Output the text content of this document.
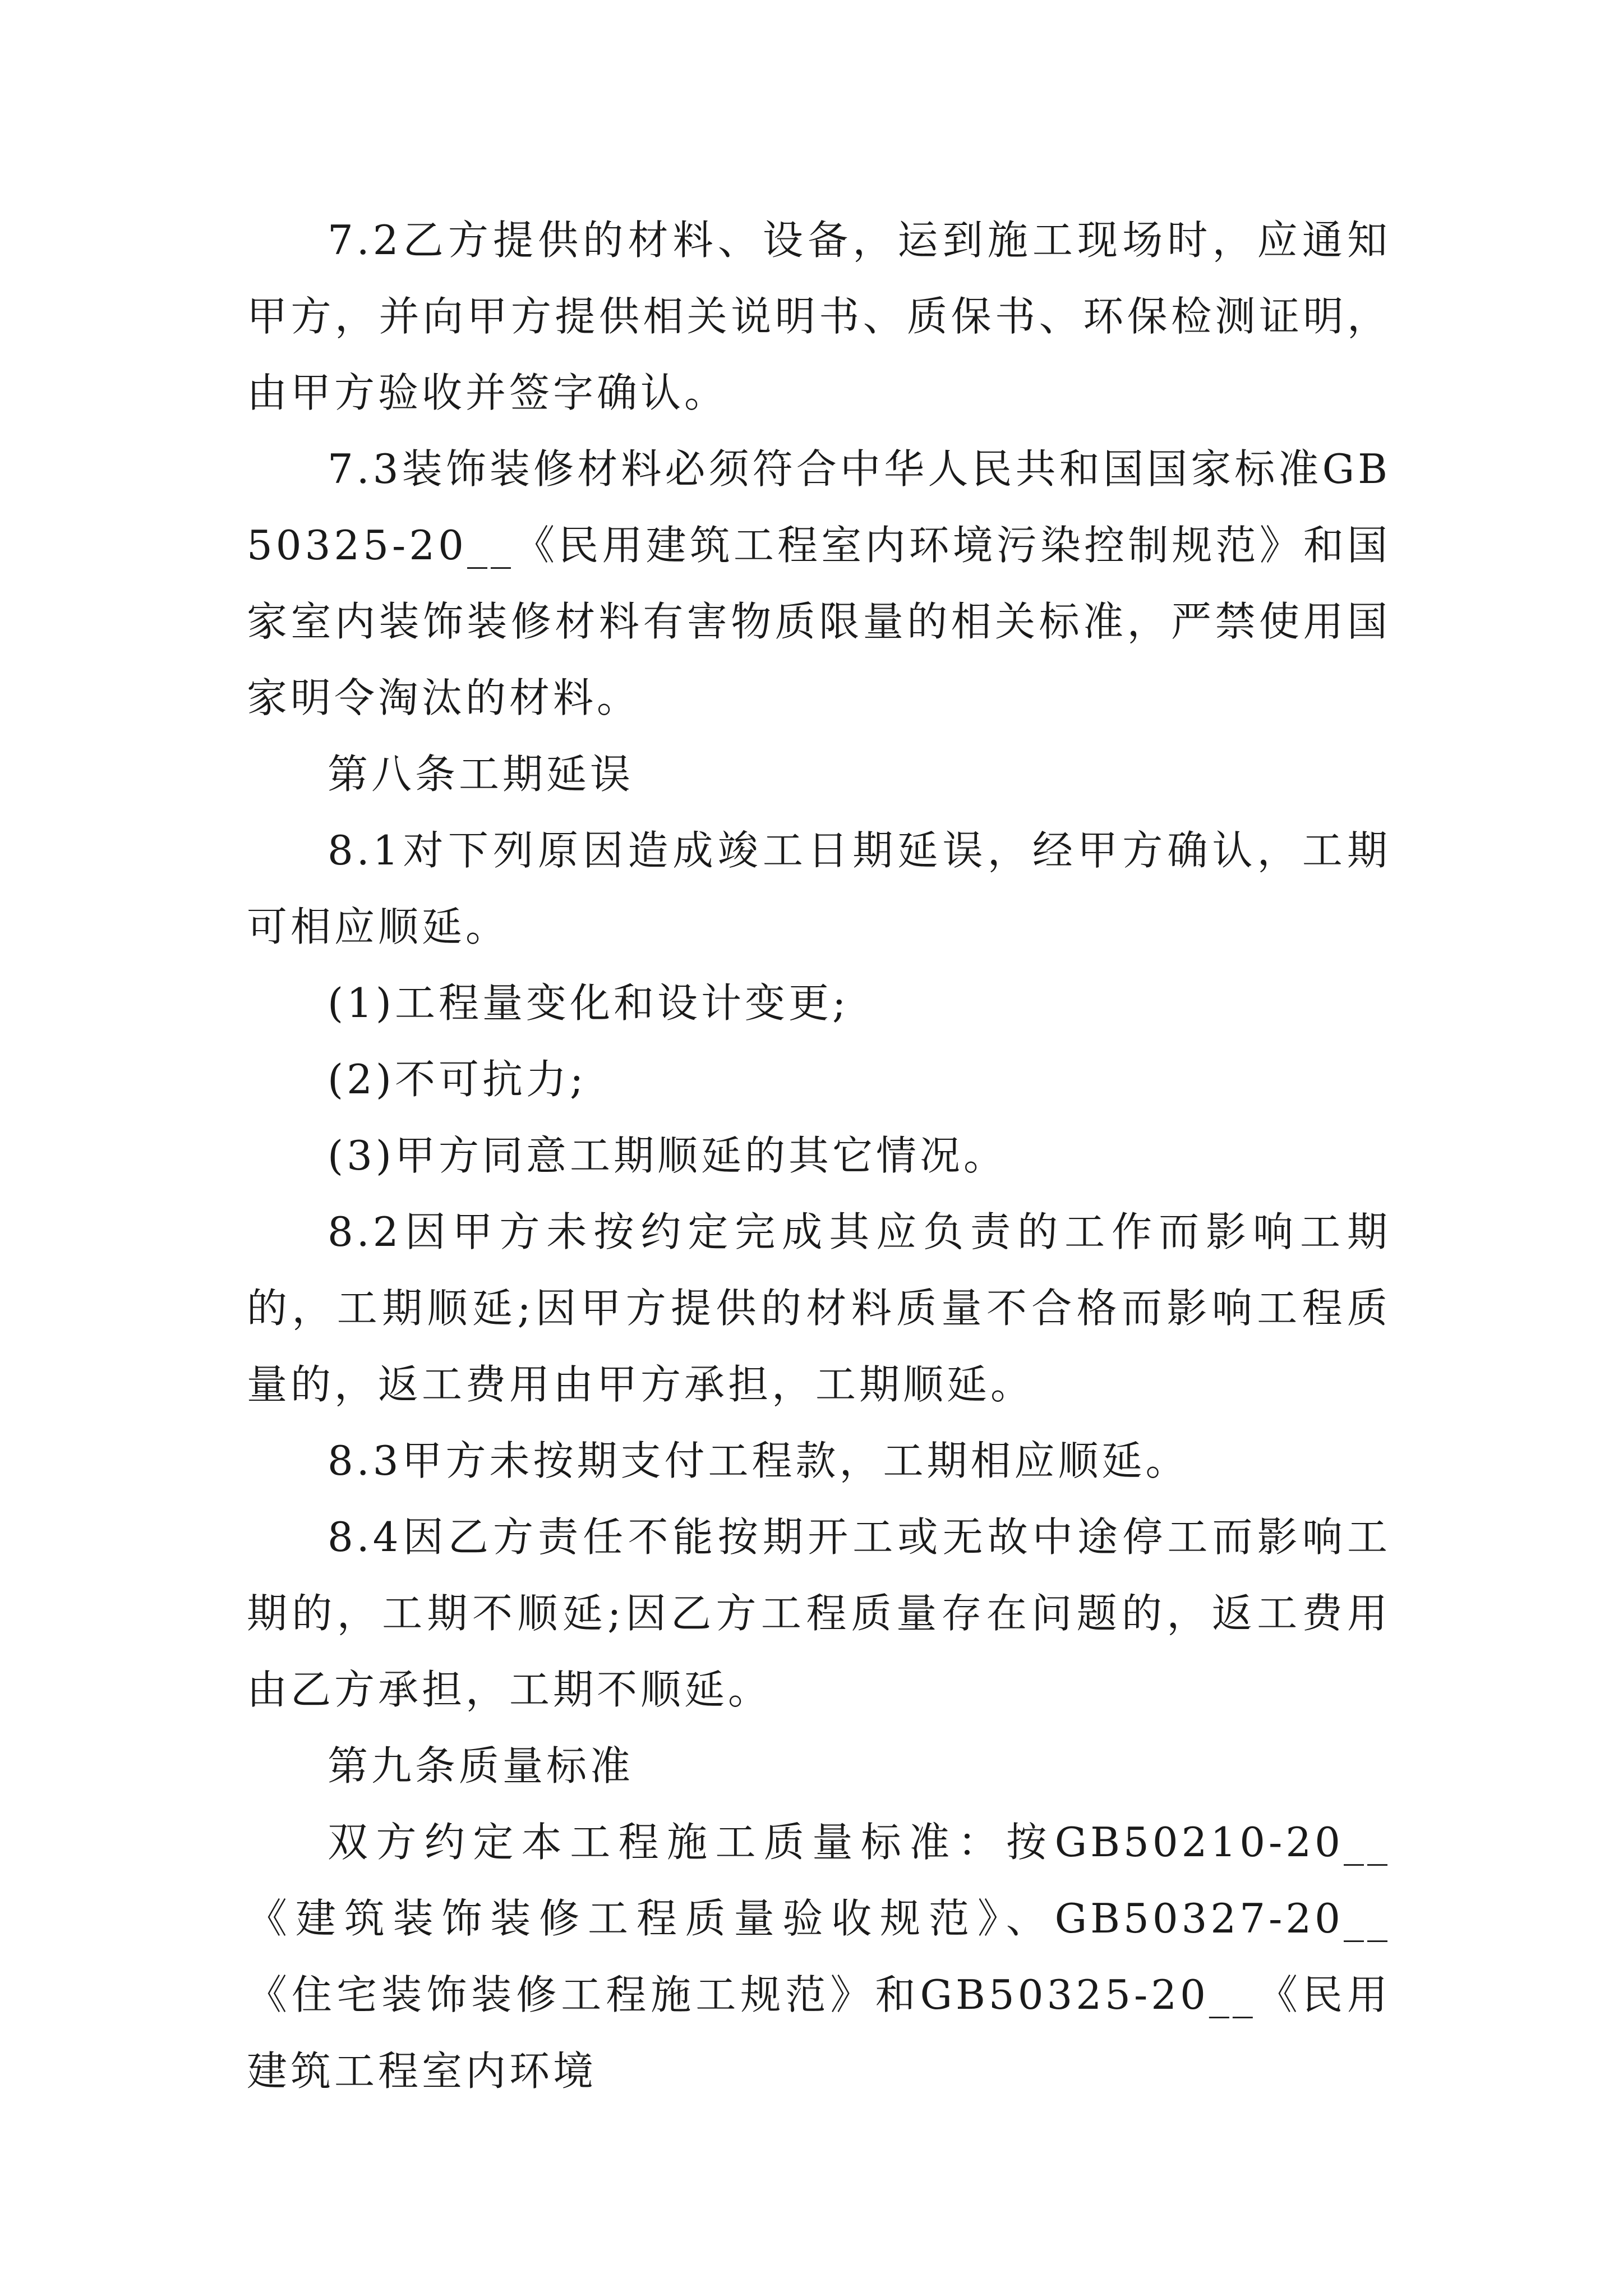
7.2乙方提供的材料、设备，运到施工现场时，应通知甲方，并向甲方提供相关说明书、质保书、环保检测证明，由甲方验收并签字确认。

7.3装饰装修材料必须符合中华人民共和国国家标准GB50325-20__《民用建筑工程室内环境污染控制规范》和国家室内装饰装修材料有害物质限量的相关标准，严禁使用国家明令淘汰的材料。

第八条工期延误

8.1对下列原因造成竣工日期延误，经甲方确认，工期可相应顺延。

(1)工程量变化和设计变更;

(2)不可抗力;

(3)甲方同意工期顺延的其它情况。

8.2因甲方未按约定完成其应负责的工作而影响工期的，工期顺延;因甲方提供的材料质量不合格而影响工程质量的，返工费用由甲方承担，工期顺延。

8.3甲方未按期支付工程款，工期相应顺延。

8.4因乙方责任不能按期开工或无故中途停工而影响工期的，工期不顺延;因乙方工程质量存在问题的，返工费用由乙方承担，工期不顺延。

第九条质量标准

双方约定本工程施工质量标准：按GB50210-20__《建筑装饰装修工程质量验收规范》、GB50327-20__《住宅装饰装修工程施工规范》和GB50325-20__《民用建筑工程室内环境
